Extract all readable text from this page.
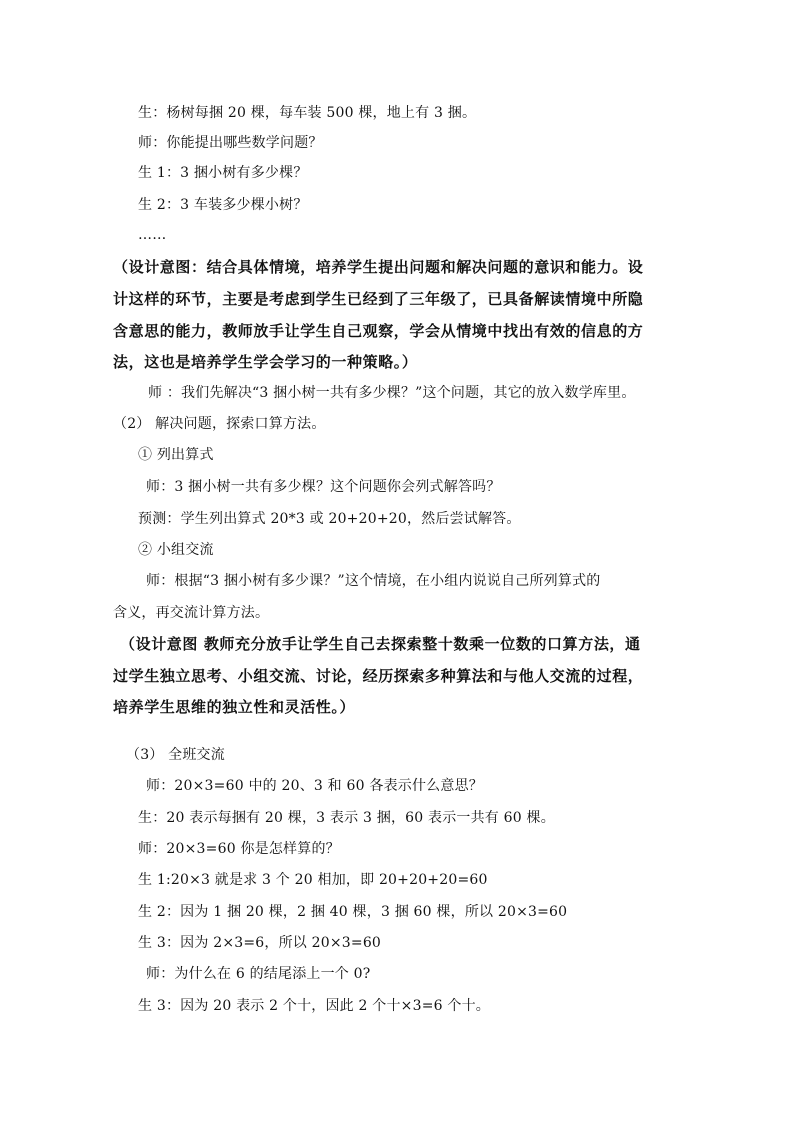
生：杨树每捆 20 棵，每车装 500 棵，地上有 3 捆。
师：你能提出哪些数学问题？
生 1：3 捆小树有多少棵？
生 2：3 车装多少棵小树？
……
（设计意图：结合具体情境，培养学生提出问题和解决问题的意识和能力。设
计这样的环节，主要是考虑到学生已经到了三年级了，已具备解读情境中所隐
含意思的能力，教师放手让学生自己观察，学会从情境中找出有效的信息的方
法，这也是培养学生学会学习的一种策略。）
师 ：我们先解决“3 捆小树一共有多少棵？”这个问题，其它的放入数学库里。
（2） 解决问题，探索口算方法。
① 列出算式
师：3 捆小树一共有多少棵？这个问题你会列式解答吗？
预测：学生列出算式 20*3 或 20+20+20，然后尝试解答。
② 小组交流
师：根据“3 捆小树有多少课？”这个情境，在小组内说说自己所列算式的
含义，再交流计算方法。
（设计意图 教师充分放手让学生自己去探索整十数乘一位数的口算方法，通
过学生独立思考、小组交流、讨论，经历探索多种算法和与他人交流的过程，
培养学生思维的独立性和灵活性。）
（3） 全班交流
师：20×3=60 中的 20、3 和 60 各表示什么意思？
生：20 表示每捆有 20 棵，3 表示 3 捆，60 表示一共有 60 棵。
师：20×3=60 你是怎样算的？
生 1:20×3 就是求 3 个 20 相加，即 20+20+20=60
生 2：因为 1 捆 20 棵，2 捆 40 棵，3 捆 60 棵，所以 20×3=60
生 3：因为 2×3=6，所以 20×3=60
师：为什么在 6 的结尾添上一个 0?
生 3：因为 20 表示 2 个十，因此 2 个十×3=6 个十。
